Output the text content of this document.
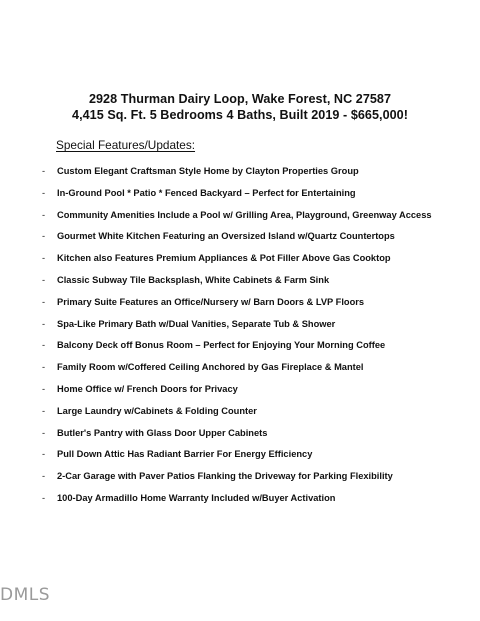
2928 Thurman Dairy Loop, Wake Forest, NC 27587
4,415 Sq. Ft. 5 Bedrooms 4 Baths, Built 2019 - $665,000!
Special Features/Updates:
- Custom Elegant Craftsman Style Home by Clayton Properties Group
- In-Ground Pool * Patio * Fenced Backyard – Perfect for Entertaining
- Community Amenities Include a Pool w/ Grilling Area, Playground, Greenway Access
- Gourmet White Kitchen Featuring an Oversized Island w/Quartz Countertops
- Kitchen also Features Premium Appliances & Pot Filler Above Gas Cooktop
- Classic Subway Tile Backsplash, White Cabinets & Farm Sink
- Primary Suite Features an Office/Nursery w/ Barn Doors & LVP Floors
- Spa-Like Primary Bath w/Dual Vanities, Separate Tub & Shower
- Balcony Deck off Bonus Room – Perfect for Enjoying Your Morning Coffee
- Family Room w/Coffered Ceiling Anchored by Gas Fireplace & Mantel
- Home Office w/ French Doors for Privacy
- Large Laundry w/Cabinets & Folding Counter
- Butler's Pantry with Glass Door Upper Cabinets
- Pull Down Attic Has Radiant Barrier For Energy Efficiency
- 2-Car Garage with Paver Patios Flanking the Driveway for Parking Flexibility
- 100-Day Armadillo Home Warranty Included w/Buyer Activation
DMLS
